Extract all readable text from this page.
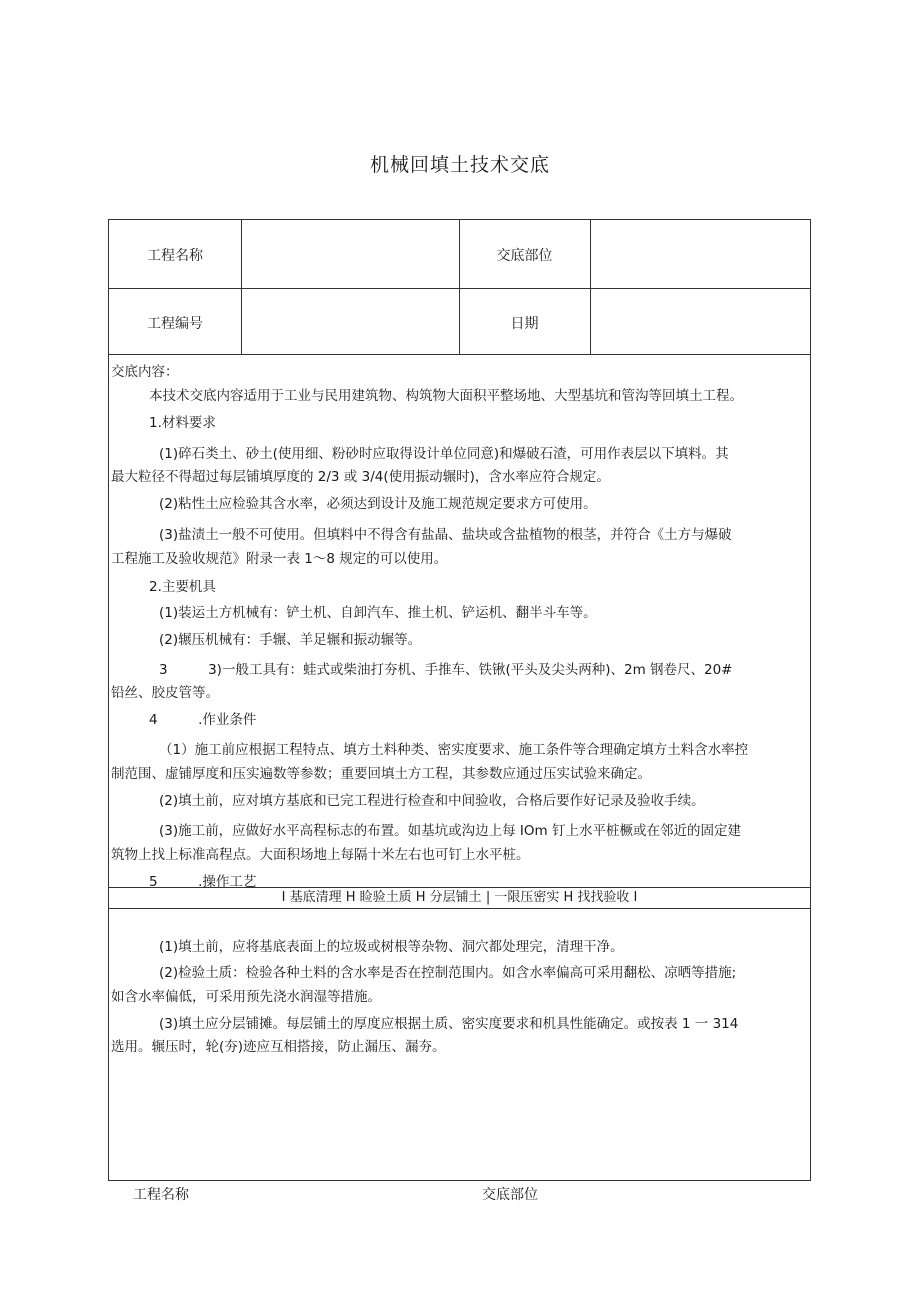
机械回填土技术交底
工程名称	交底部位
工程编号	日期
交底内容：
本技术交底内容适用于工业与民用建筑物、构筑物大面积平整场地、大型基坑和管沟等回填土工程。
1.材料要求
(1)碎石类土、砂土(使用细、粉砂时应取得设计单位同意)和爆破石渣，可用作表层以下填料。其
最大粒径不得超过每层铺填厚度的 2/3 或 3/4(使用振动辗时)，含水率应符合规定。
(2)粘性土应检验其含水率，必须达到设计及施工规范规定要求方可使用。
(3)盐渍土一般不可使用。但填料中不得含有盐晶、盐块或含盐植物的根茎，并符合《土方与爆破
工程施工及验收规范》附录一表 1～8 规定的可以使用。
2.主要机具
(1)装运土方机械有：铲土机、自卸汽车、推土机、铲运机、翻半斗车等。
(2)辗压机械有：手辗、羊足辗和振动辗等。
3　　　3)一般工具有：蛙式或柴油打夯机、手推车、铁锹(平头及尖头两种)、2m 钢卷尺、20#
铅丝、胶皮管等。
4　　　.作业条件
（1）施工前应根据工程特点、填方土料种类、密实度要求、施工条件等合理确定填方土料含水率控
制范围、虚铺厚度和压实遍数等参数；重要回填土方工程，其参数应通过压实试验来确定。
(2)填土前，应对填方基底和已完工程进行检查和中间验收，合格后要作好记录及验收手续。
(3)施工前，应做好水平高程标志的布置。如基坑或沟边上每 IOm 钉上水平桩橛或在邻近的固定建
筑物上找上标准高程点。大面积场地上每隔十米左右也可钉上水平桩。
5　　　.操作工艺
I 基底清理 H 睑验土质 H 分层铺土 | 一限压密实 H 找找验收 I
(1)填土前，应将基底表面上的垃圾或树根等杂物、洞穴都处理完，清理干净。
(2)检验土质：检验各种土料的含水率是否在控制范围内。如含水率偏高可采用翻松、凉晒等措施;
如含水率偏低，可采用预先浇水润湿等措施。
(3)填土应分层铺摊。每层铺土的厚度应根据土质、密实度要求和机具性能确定。或按表 1 一 314
选用。辗压时，轮(夯)迹应互相搭接，防止漏压、漏夯。
工程名称	交底部位
